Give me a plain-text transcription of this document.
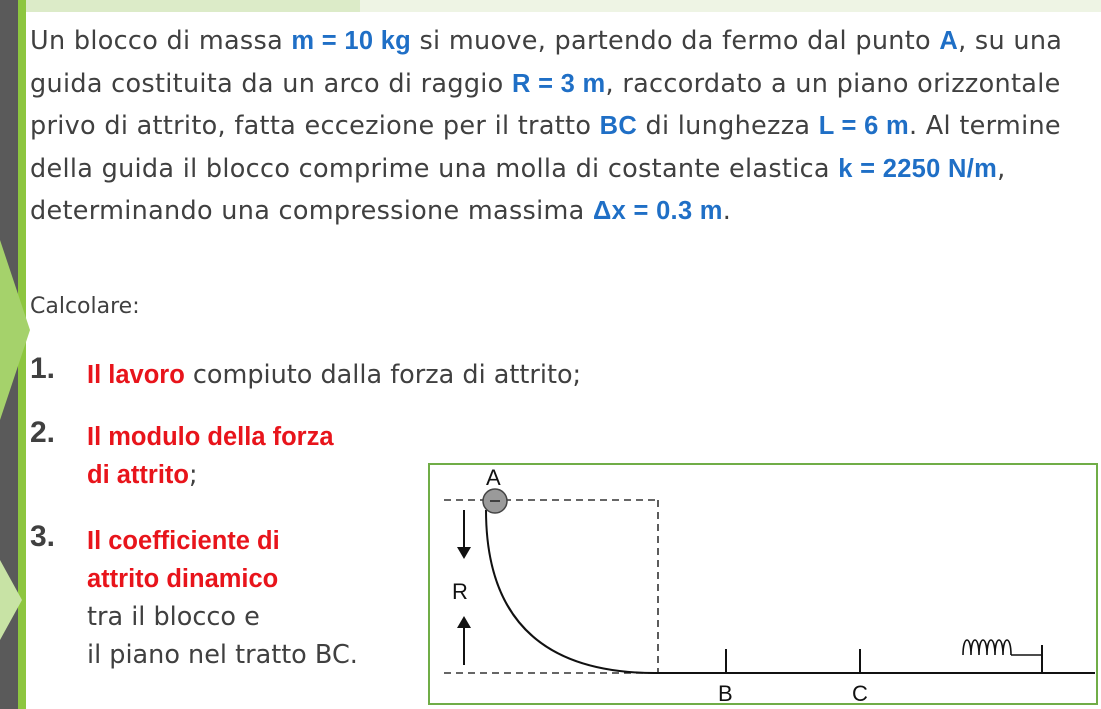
Un blocco di massa m = 10 kg si muove, partendo da fermo dal punto A, su una guida costituita da un arco di raggio R = 3 m, raccordato a un piano orizzontale privo di attrito, fatta eccezione per il tratto BC di lunghezza L = 6 m. Al termine della guida il blocco comprime una molla di costante elastica k = 2250 N/m, determinando una compressione massima Δx = 0.3 m.

Calcolare:
1. Il lavoro compiuto dalla forza di attrito;
2. Il modulo della forza
di attrito;
3. Il coefficiente di
attrito dinamico
tra il blocco e
il piano nel tratto BC.
A
R
B	C
